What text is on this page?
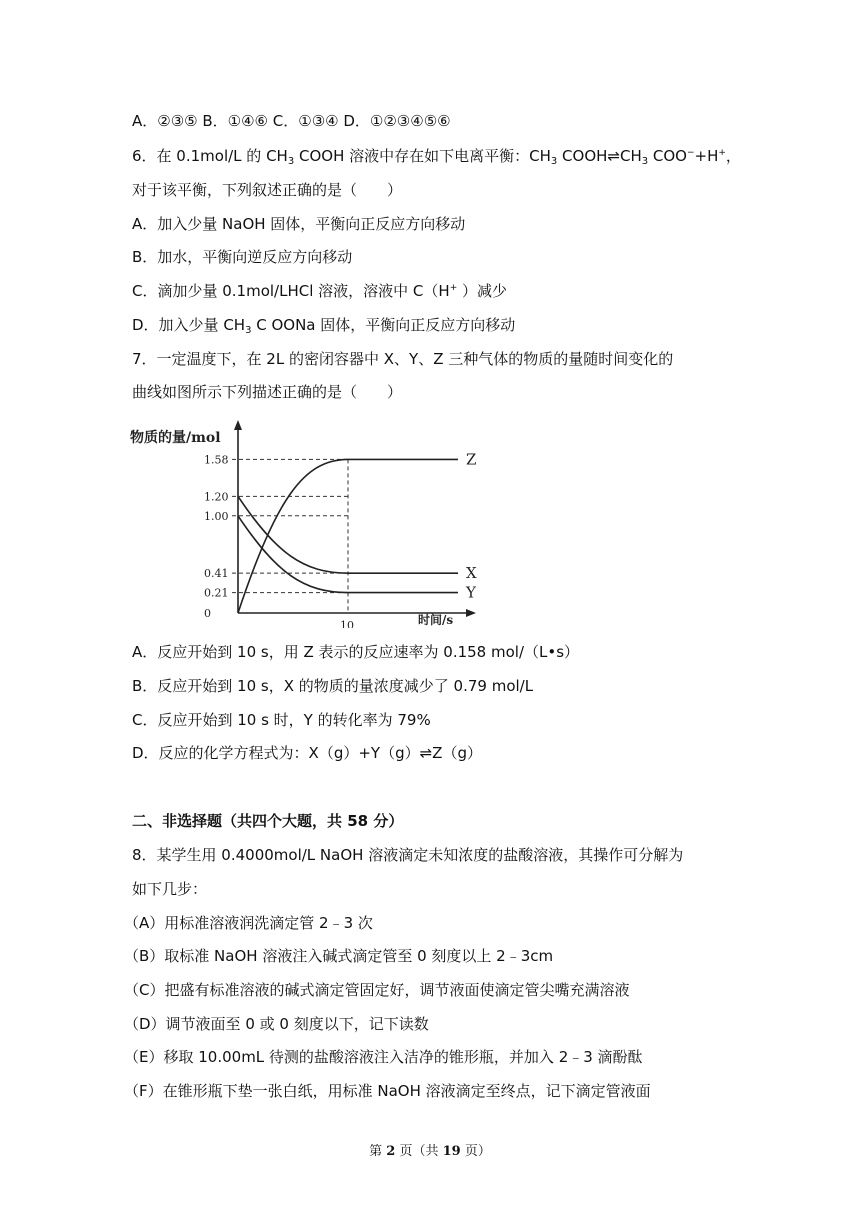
A．②③⑤ B．①④⑥ C．①③④ D．①②③④⑤⑥
6．在 0.1mol/L 的 $CH_3$ COOH 溶液中存在如下电离平衡：$CH_3$ $COOH\rightleftharpoons CH_3$ COO−+H+，
对于该平衡，下列叙述正确的是（　　）
A．加入少量 NaOH 固体，平衡向正反应方向移动
B．加水，平衡向逆反应方向移动
C．滴加少量 0.1mol/LHCl 溶液，溶液中 C（H+ ）减少
D．加入少量 $CH_3$ C OONa 固体，平衡向正反应方向移动
7．一定温度下，在 2L 的密闭容器中 X、Y、Z 三种气体的物质的量随时间变化的
曲线如图所示下列描述正确的是（　　）
Z
X
Y
0
0.21
0.41
1.00
1.20
1.58
10
物质的量/mol
时间/s
A．反应开始到 10 s，用 Z 表示的反应速率为 0.158 mol/（L•s）
B．反应开始到 10 s，X 的物质的量浓度减少了 0.79 mol/L
C．反应开始到 10 s 时，Y 的转化率为 79%
D．反应的化学方程式为：X（g）+Y（g）⇌Z（g）
二、非选择题（共四个大题，共 58 分）
8．某学生用 0.4000mol/L NaOH 溶液滴定未知浓度的盐酸溶液，其操作可分解为
如下几步：
（A）用标准溶液润洗滴定管 2﹣3 次
（B）取标准 NaOH 溶液注入碱式滴定管至 0 刻度以上 2﹣3cm
（C）把盛有标准溶液的碱式滴定管固定好，调节液面使滴定管尖嘴充满溶液
（D）调节液面至 0 或 0 刻度以下，记下读数
（E）移取 10.00mL 待测的盐酸溶液注入洁净的锥形瓶，并加入 2﹣3 滴酚酞
（F）在锥形瓶下垫一张白纸，用标准 NaOH 溶液滴定至终点，记下滴定管液面
第 2 页（共 19 页）
